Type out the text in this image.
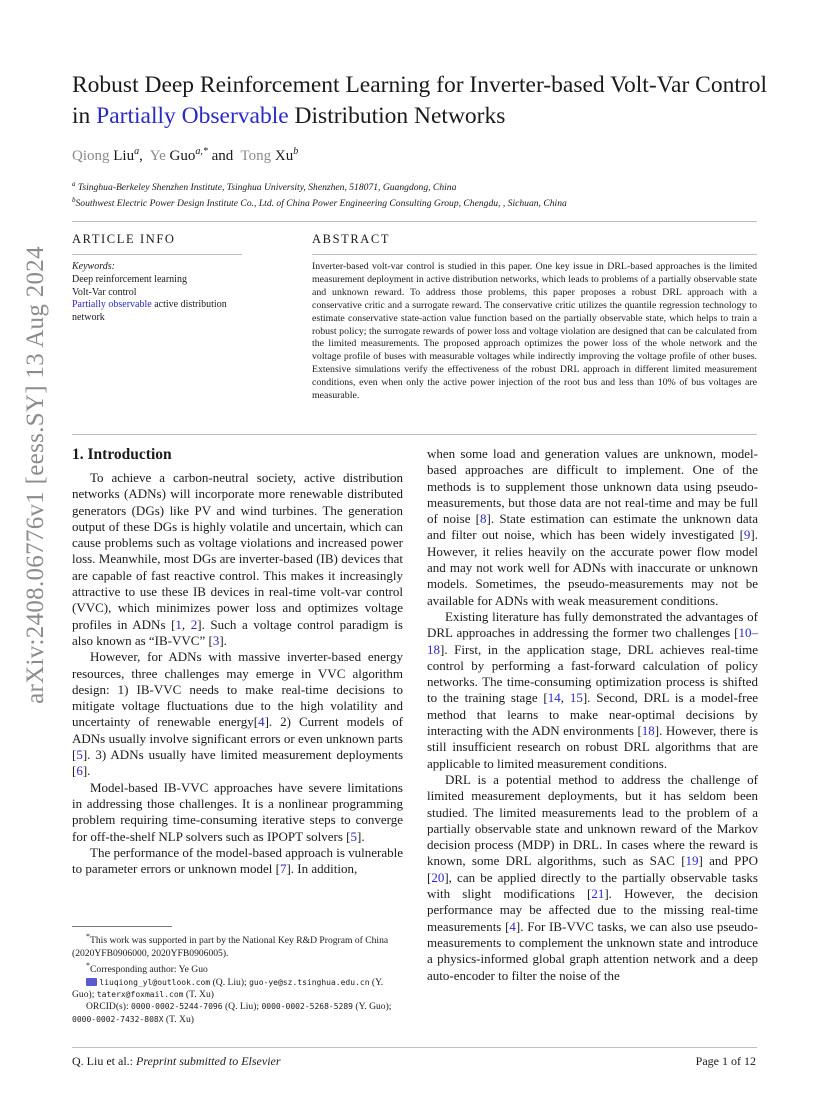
arXiv:2408.06776v1 [eess.SY] 13 Aug 2024
Robust Deep Reinforcement Learning for Inverter-based Volt-Var Control in Partially Observable Distribution Networks
Qiong Liu$^a$,  Ye Guo$^{a,*}$ and Tong Xu$^b$
$^a$ Tsinghua-Berkeley Shenzhen Institute, Tsinghua University, Shenzhen, 518071, Guangdong, China
$^b$Southwest Electric Power Design Institute Co., Ltd. of China Power Engineering Consulting Group, Chengdu, , Sichuan, China
ARTICLE INFO	ABSTRACT
Keywords:
Deep reinforcement learning
Volt-Var control
Partially observable active distribution network

Inverter-based volt-var control is studied in this paper. One key issue in DRL-based approaches is the limited measurement deployment in active distribution networks, which leads to problems of a partially observable state and unknown reward. To address those problems, this paper proposes a robust DRL approach with a conservative critic and a surrogate reward. The conservative critic utilizes the quantile regression technology to estimate conservative state-action value function based on the partially observable state, which helps to train a robust policy; the surrogate rewards of power loss and voltage violation are designed that can be calculated from the limited measurements. The proposed approach optimizes the power loss of the whole network and the voltage profile of buses with measurable voltages while indirectly improving the voltage profile of other buses. Extensive simulations verify the effectiveness of the robust DRL approach in different limited measurement conditions, even when only the active power injection of the root bus and less than 10% of bus voltages are measurable.

1. Introduction

To achieve a carbon-neutral society, active distribution networks (ADNs) will incorporate more renewable distributed generators (DGs) like PV and wind turbines. The generation output of these DGs is highly volatile and uncertain, which can cause problems such as voltage violations and increased power loss. Meanwhile, most DGs are inverter-based (IB) devices that are capable of fast reactive control. This makes it increasingly attractive to use these IB devices in real-time volt-var control (VVC), which minimizes power loss and optimizes voltage profiles in ADNs [1, 2]. Such a voltage control paradigm is also known as “IB-VVC” [3].

However, for ADNs with massive inverter-based energy resources, three challenges may emerge in VVC algorithm design: 1) IB-VVC needs to make real-time decisions to mitigate voltage fluctuations due to the high volatility and uncertainty of renewable energy[4]. 2) Current models of ADNs usually involve significant errors or even unknown parts [5]. 3) ADNs usually have limited measurement deployments [6].

Model-based IB-VVC approaches have severe limitations in addressing those challenges. It is a nonlinear programming problem requiring time-consuming iterative steps to converge for off-the-shelf NLP solvers such as IPOPT solvers [5].

The performance of the model-based approach is vulnerable to parameter errors or unknown model [7]. In addition,

when some load and generation values are unknown, model-based approaches are difficult to implement. One of the methods is to supplement those unknown data using pseudo-measurements, but those data are not real-time and may be full of noise [8]. State estimation can estimate the unknown data and filter out noise, which has been widely investigated [9]. However, it relies heavily on the accurate power flow model and may not work well for ADNs with inaccurate or unknown models. Sometimes, the pseudo-measurements may not be available for ADNs with weak measurement conditions.

Existing literature has fully demonstrated the advantages of DRL approaches in addressing the former two challenges [10–18]. First, in the application stage, DRL achieves real-time control by performing a fast-forward calculation of policy networks. The time-consuming optimization process is shifted to the training stage [14, 15]. Second, DRL is a model-free method that learns to make near-optimal decisions by interacting with the ADN environments [18]. However, there is still insufficient research on robust DRL algorithms that are applicable to limited measurement conditions.

DRL is a potential method to address the challenge of limited measurement deployments, but it has seldom been studied. The limited measurements lead to the problem of a partially observable state and unknown reward of the Markov decision process (MDP) in DRL. In cases where the reward is known, some DRL algorithms, such as SAC [19] and PPO [20], can be applied directly to the partially observable tasks with slight modifications [21]. However, the decision performance may be affected due to the missing real-time measurements [4]. For IB-VVC tasks, we can also use pseudo-measurements to complement the unknown state and introduce a physics-informed global graph attention network and a deep auto-encoder to filter the noise of the

*This work was supported in part by the National Key R&D Program of China (2020YFB0906000, 2020YFB0906005).

*Corresponding author: Ye Guo

liuqiong_yl@outlook.com (Q. Liu); guo-ye@sz.tsinghua.edu.cn (Y. Guo); taterx@foxmail.com (T. Xu)

ORCID(s): 0000-0002-5244-7096 (Q. Liu); 0000-0002-5268-5289 (Y. Guo); 0000-0002-7432-808X (T. Xu)

Q. Liu et al.: Preprint submitted to Elsevier	Page 1 of 12
